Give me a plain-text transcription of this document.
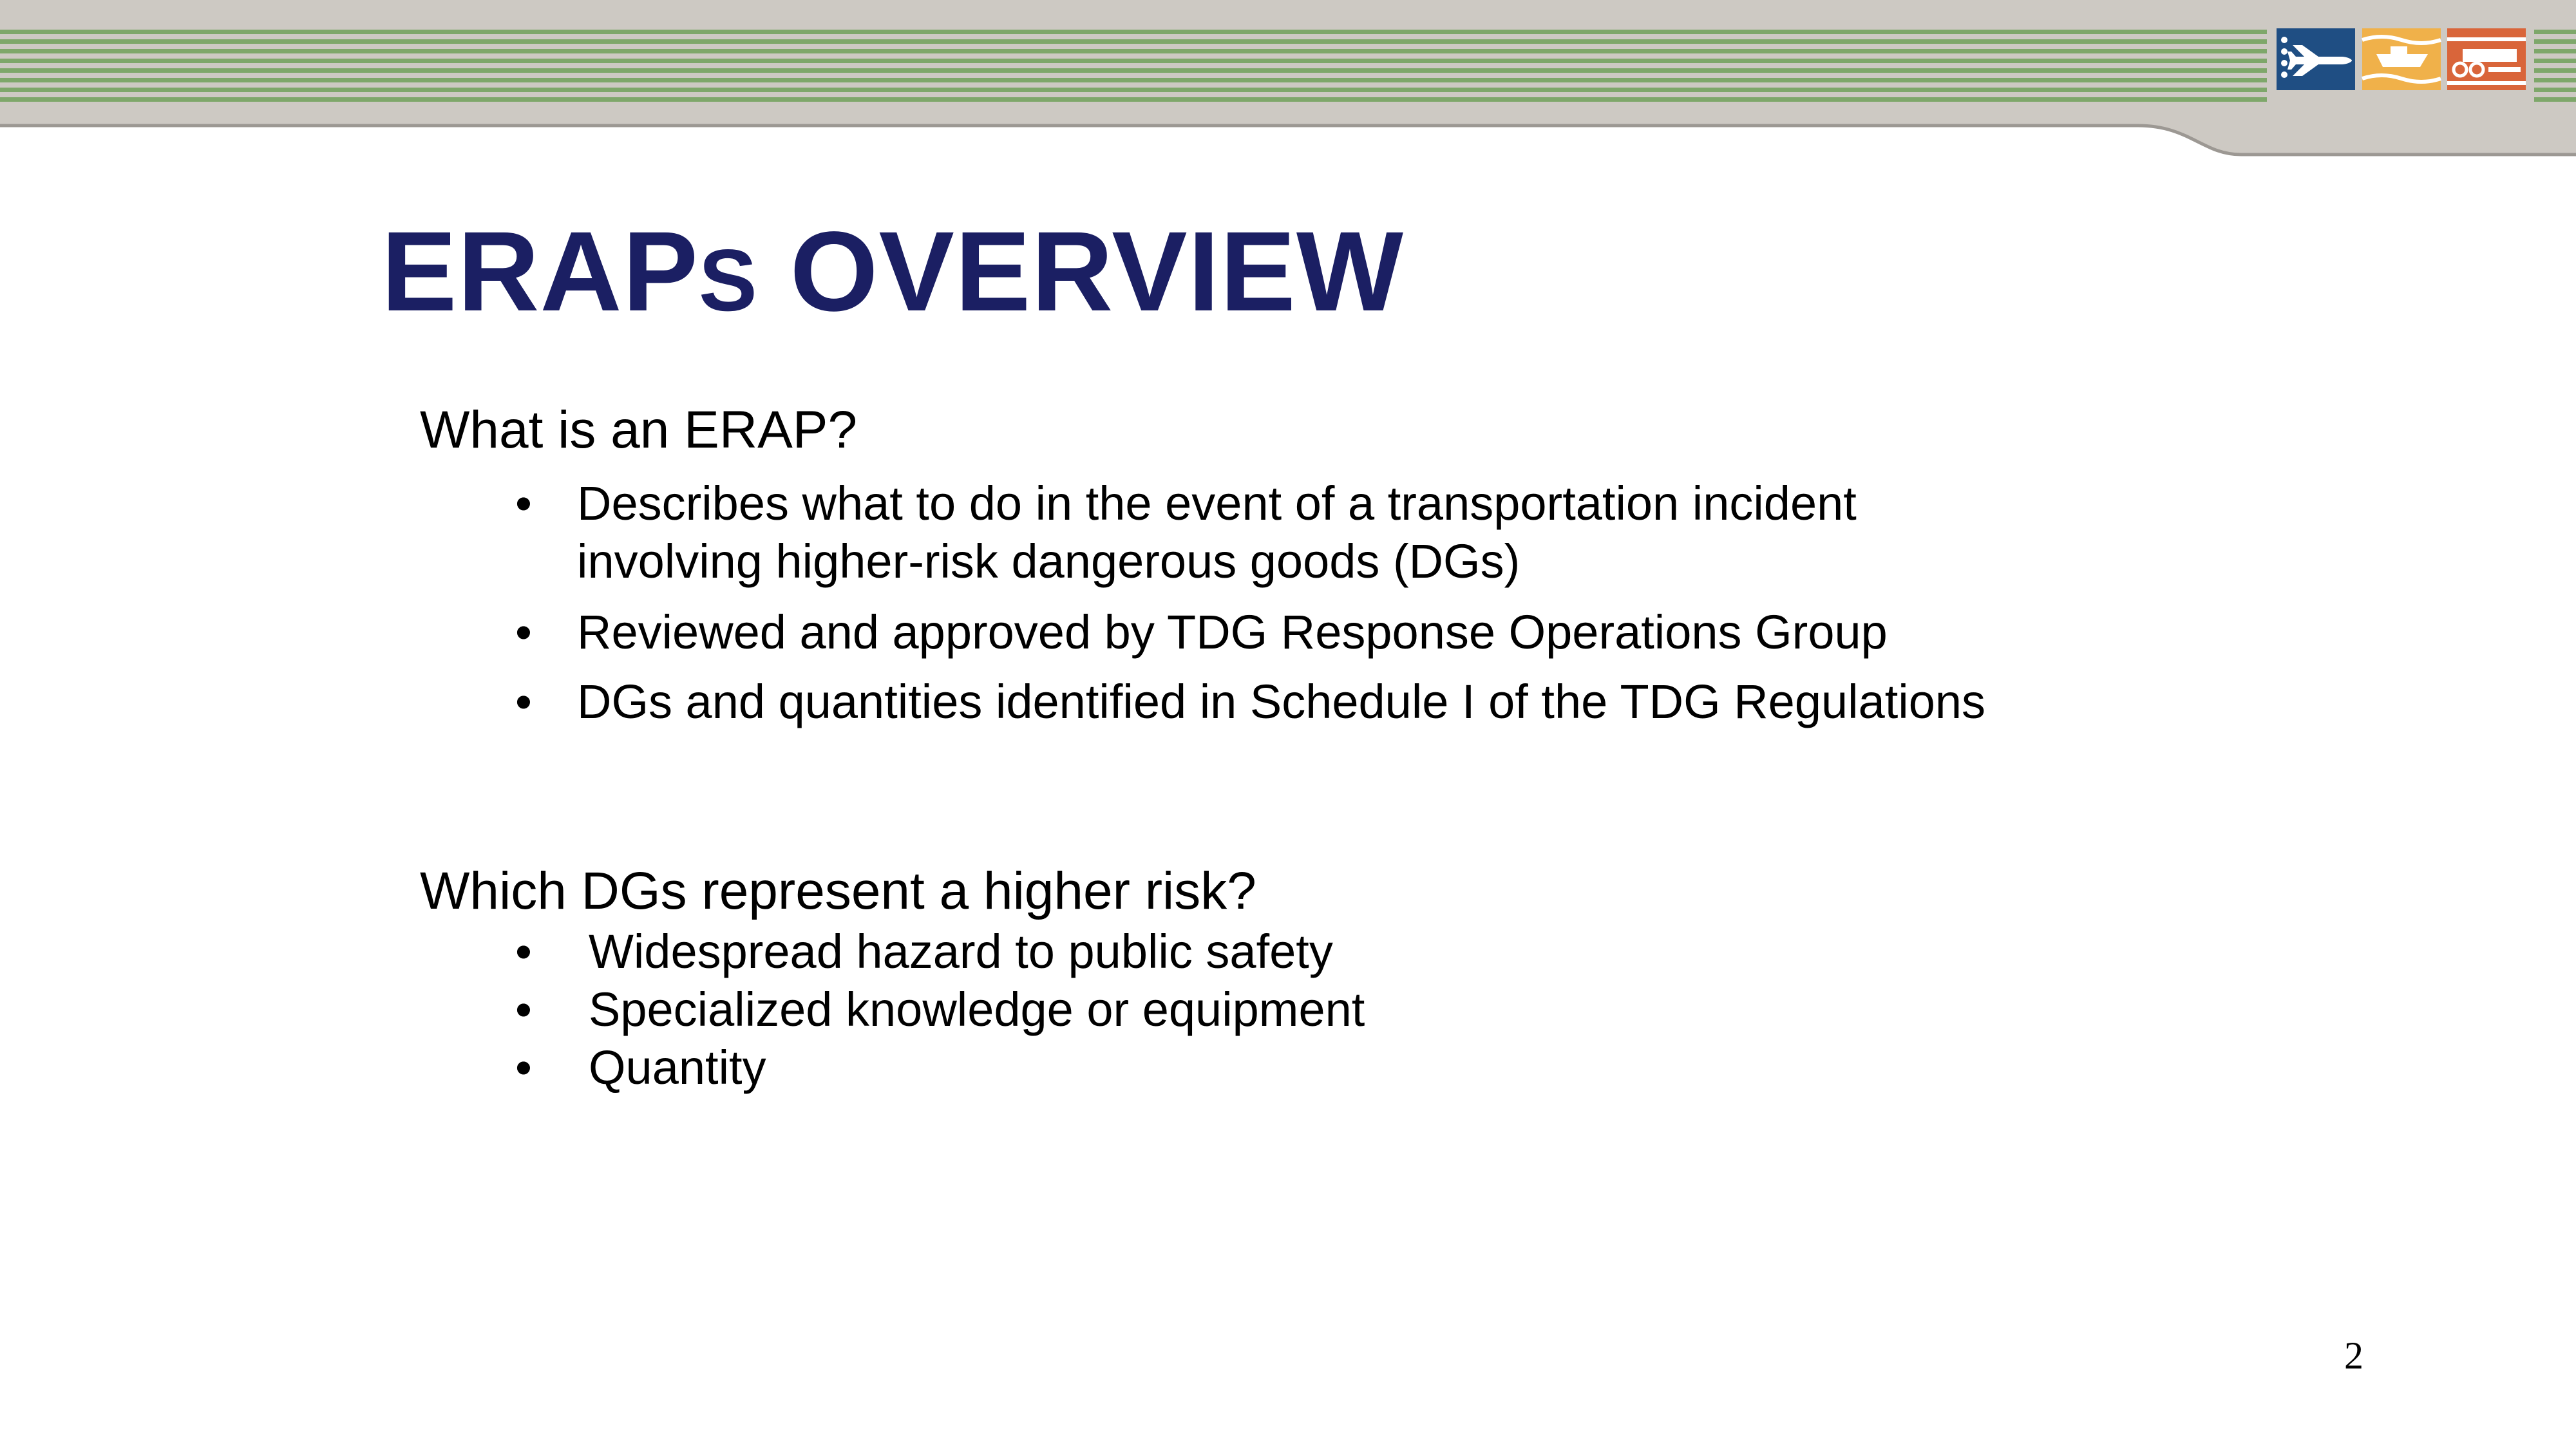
ERAPS OVERVIEW
What is an ERAP?
• Describes what to do in the event of a transportation incident
involving higher-risk dangerous goods (DGs)
• Reviewed and approved by TDG Response Operations Group
• DGs and quantities identified in Schedule I of the TDG Regulations
Which DGs represent a higher risk?
• Widespread hazard to public safety
• Specialized knowledge or equipment
• Quantity
2
